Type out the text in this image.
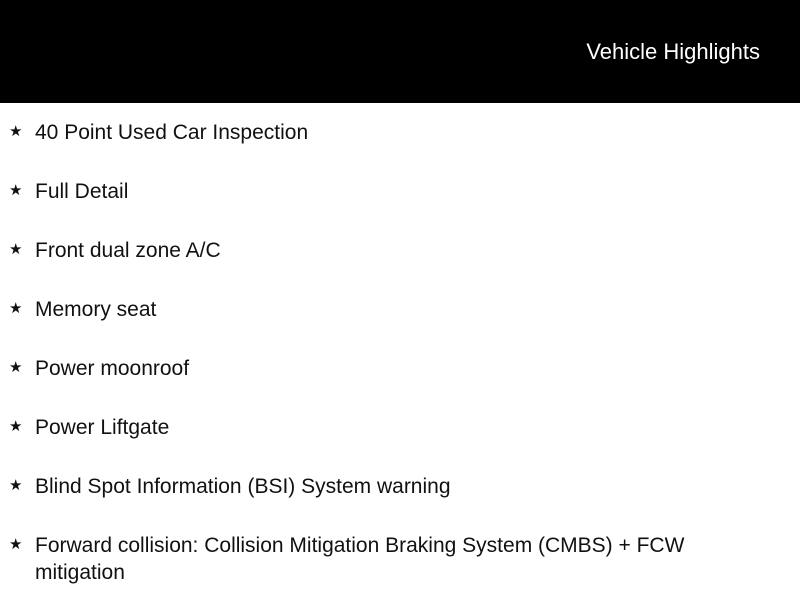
Vehicle Highlights
★ 40 Point Used Car Inspection
★ Full Detail
★ Front dual zone A/C
★ Memory seat
★ Power moonroof
★ Power Liftgate
★ Blind Spot Information (BSI) System warning
★ Forward collision: Collision Mitigation Braking System (CMBS) + FCW mitigation
